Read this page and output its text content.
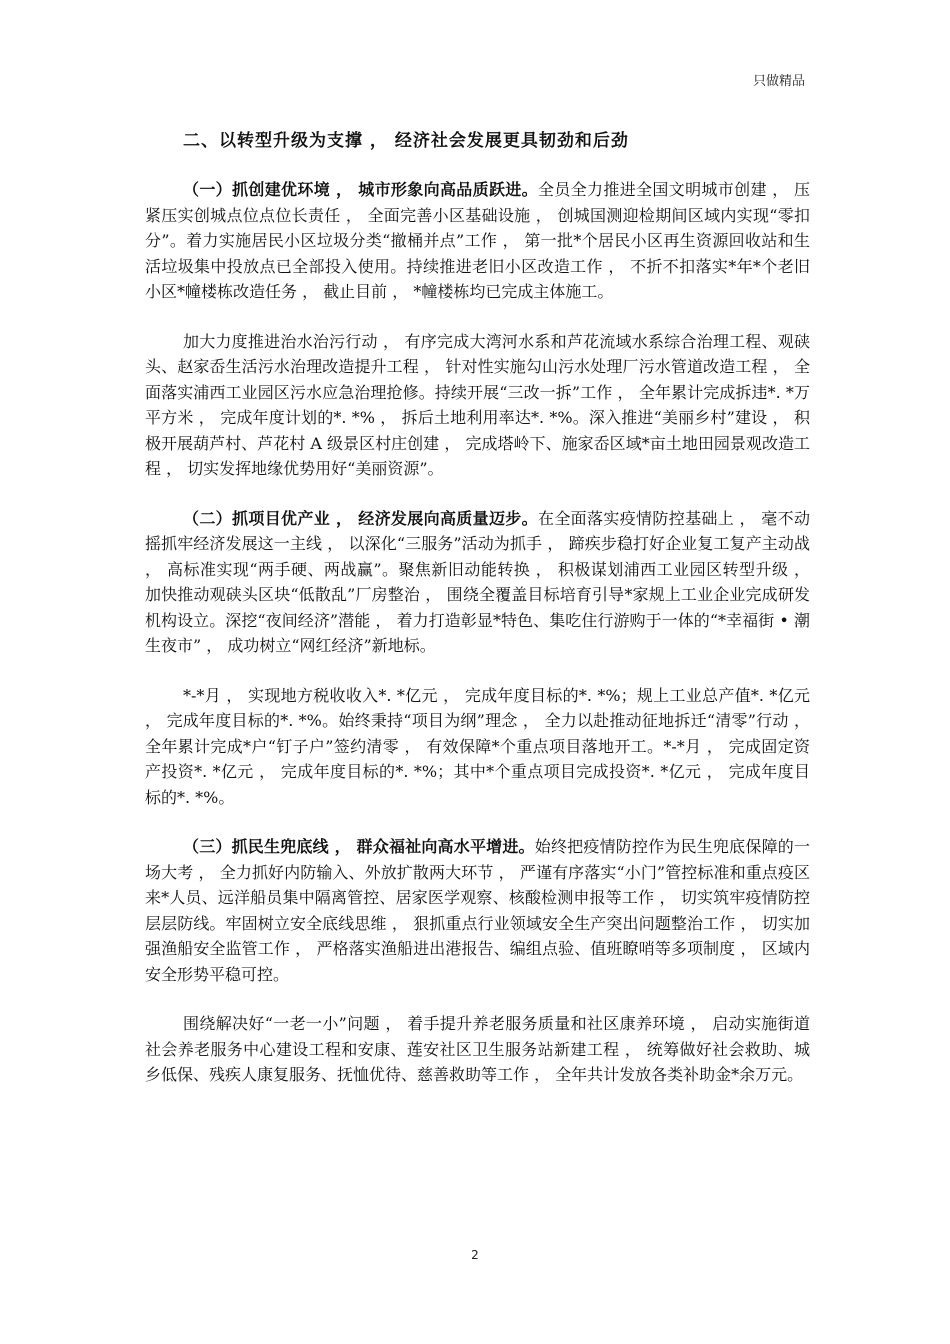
只做精品
二、以转型升级为支撑 ， 经济社会发展更具韧劲和后劲

（一）抓创建优环境 ， 城市形象向高品质跃进。全员全力推进全国文明城市创建 ， 压紧压实创城点位点位长责任 ， 全面完善小区基础设施 ， 创城国测迎检期间区域内实现“零扣分”。着力实施居民小区垃圾分类“撤桶并点”工作 ， 第一批*个居民小区再生资源回收站和生活垃圾集中投放点已全部投入使用。持续推进老旧小区改造工作 ， 不折不扣落实*年*个老旧小区*幢楼栋改造任务 ， 截止目前 ， *幢楼栋均已完成主体施工。

加大力度推进治水治污行动 ， 有序完成大湾河水系和芦花流域水系综合治理工程、观硖头、赵家岙生活污水治理改造提升工程 ， 针对性实施勾山污水处理厂污水管道改造工程 ， 全面落实浦西工业园区污水应急治理抢修。持续开展“三改一拆”工作 ， 全年累计完成拆违*. *万平方米 ， 完成年度计划的*. *% ， 拆后土地利用率达*. *%。深入推进“美丽乡村”建设 ， 积极开展葫芦村、芦花村 A 级景区村庄创建 ， 完成塔岭下、施家岙区域*亩土地田园景观改造工程 ， 切实发挥地缘优势用好“美丽资源”。

（二）抓项目优产业 ， 经济发展向高质量迈步。在全面落实疫情防控基础上 ， 毫不动摇抓牢经济发展这一主线 ， 以深化“三服务”活动为抓手 ， 蹄疾步稳打好企业复工复产主动战 ， 高标准实现“两手硬、两战赢”。聚焦新旧动能转换 ， 积极谋划浦西工业园区转型升级 ， 加快推动观硖头区块“低散乱”厂房整治 ， 围绕全覆盖目标培育引导*家规上工业企业完成研发机构设立。深挖“夜间经济”潜能 ， 着力打造彰显*特色、集吃住行游购于一体的“*幸福街 • 潮生夜市” ， 成功树立“网红经济”新地标。

*-*月 ， 实现地方税收收入*. *亿元 ， 完成年度目标的*. *%；规上工业总产值*. *亿元 ， 完成年度目标的*. *%。始终秉持“项目为纲”理念 ， 全力以赴推动征地拆迁“清零”行动 ， 全年累计完成*户“钉子户”签约清零 ， 有效保障*个重点项目落地开工。*-*月 ， 完成固定资产投资*. *亿元 ， 完成年度目标的*. *%；其中*个重点项目完成投资*. *亿元 ， 完成年度目标的*. *%。

（三）抓民生兜底线 ， 群众福祉向高水平增进。始终把疫情防控作为民生兜底保障的一场大考 ， 全力抓好内防输入、外放扩散两大环节 ， 严谨有序落实“小门”管控标准和重点疫区来*人员、远洋船员集中隔离管控、居家医学观察、核酸检测申报等工作 ， 切实筑牢疫情防控层层防线。牢固树立安全底线思维 ， 狠抓重点行业领域安全生产突出问题整治工作 ， 切实加强渔船安全监管工作 ， 严格落实渔船进出港报告、编组点验、值班瞭哨等多项制度 ， 区域内安全形势平稳可控。

围绕解决好“一老一小”问题 ， 着手提升养老服务质量和社区康养环境 ， 启动实施街道社会养老服务中心建设工程和安康、莲安社区卫生服务站新建工程 ， 统筹做好社会救助、城乡低保、残疾人康复服务、抚恤优待、慈善救助等工作 ， 全年共计发放各类补助金*余万元。

2
